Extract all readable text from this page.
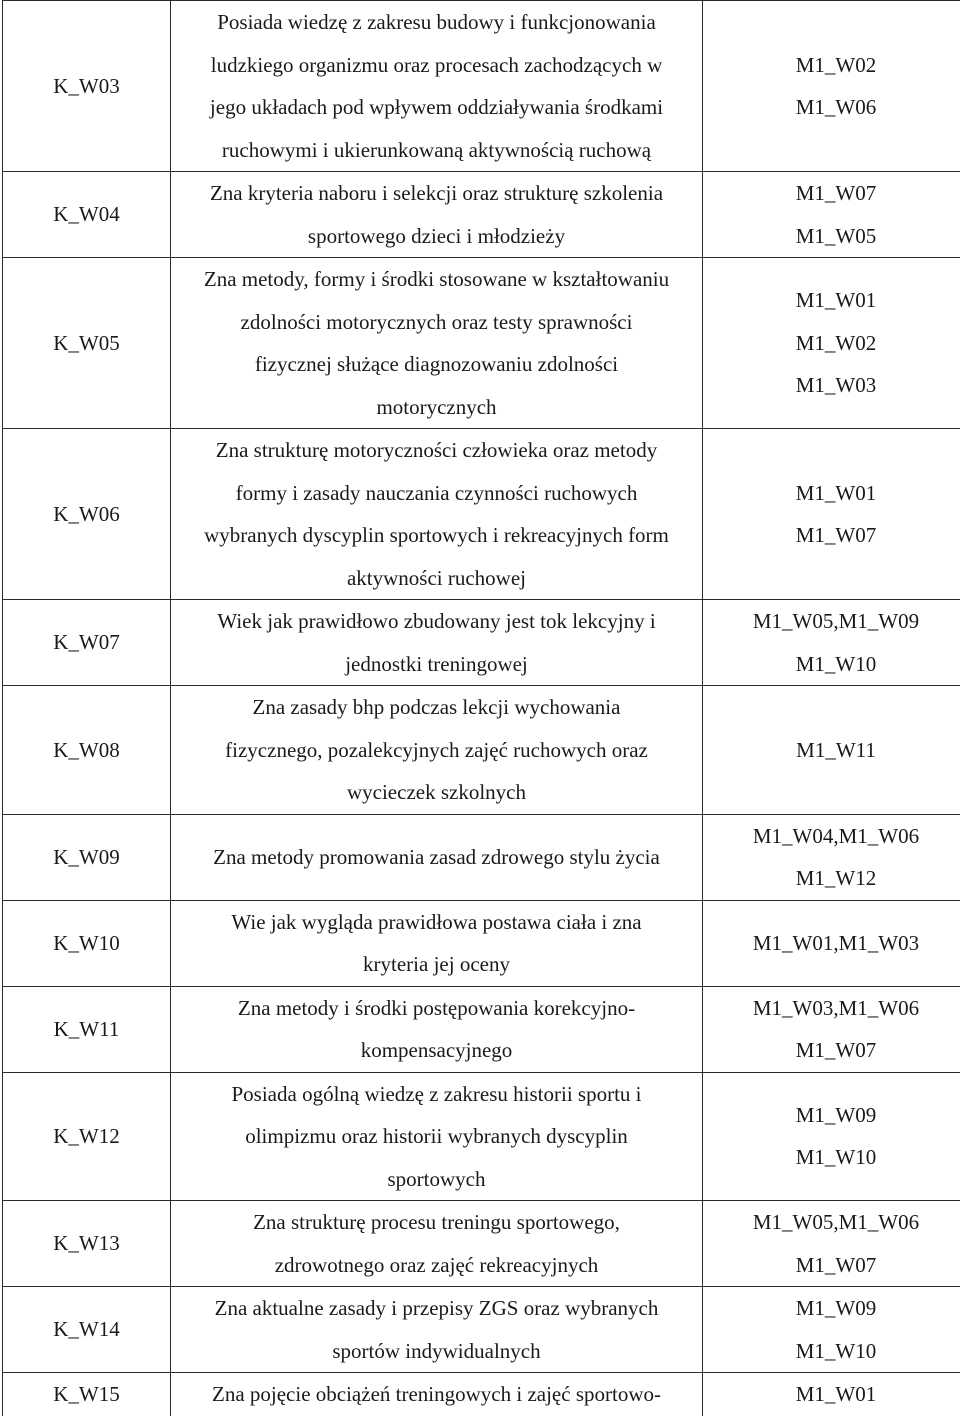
K_W03	Posiada wiedzę z zakresu budowy i funkcjonowania
ludzkiego organizmu oraz procesach zachodzących w
jego układach pod wpływem oddziaływania środkami
ruchowymi i ukierunkowaną aktywnością ruchową	M1_W02
M1_W06

K_W04	Zna kryteria naboru i selekcji oraz strukturę szkolenia
sportowego dzieci i młodzieży	M1_W07
M1_W05

K_W05	Zna metody, formy i środki stosowane w kształtowaniu
zdolności motorycznych oraz testy sprawności
fizycznej służące diagnozowaniu zdolności
motorycznych	M1_W01
M1_W02
M1_W03

K_W06	Zna strukturę motoryczności człowieka oraz metody
formy i zasady nauczania czynności ruchowych
wybranych dyscyplin sportowych i rekreacyjnych form
aktywności ruchowej	M1_W01
M1_W07

K_W07	Wiek jak prawidłowo zbudowany jest tok lekcyjny i
jednostki treningowej	M1_W05,M1_W09
M1_W10

K_W08	Zna zasady bhp podczas lekcji wychowania
fizycznego, pozalekcyjnych zajęć ruchowych oraz
wycieczek szkolnych	M1_W11

K_W09	Zna metody promowania zasad zdrowego stylu życia	M1_W04,M1_W06
M1_W12

K_W10	Wie jak wygląda prawidłowa postawa ciała i zna
kryteria jej oceny	M1_W01,M1_W03

K_W11	Zna metody i środki postępowania korekcyjno-
kompensacyjnego	M1_W03,M1_W06
M1_W07

K_W12	Posiada ogólną wiedzę z zakresu historii sportu i
olimpizmu oraz historii wybranych dyscyplin
sportowych	M1_W09
M1_W10

K_W13	Zna strukturę procesu treningu sportowego,
zdrowotnego oraz zajęć rekreacyjnych	M1_W05,M1_W06
M1_W07

K_W14	Zna aktualne zasady i przepisy ZGS oraz wybranych
sportów indywidualnych	M1_W09
M1_W10

K_W15	Zna pojęcie obciążeń treningowych i zajęć sportowo-	M1_W01
